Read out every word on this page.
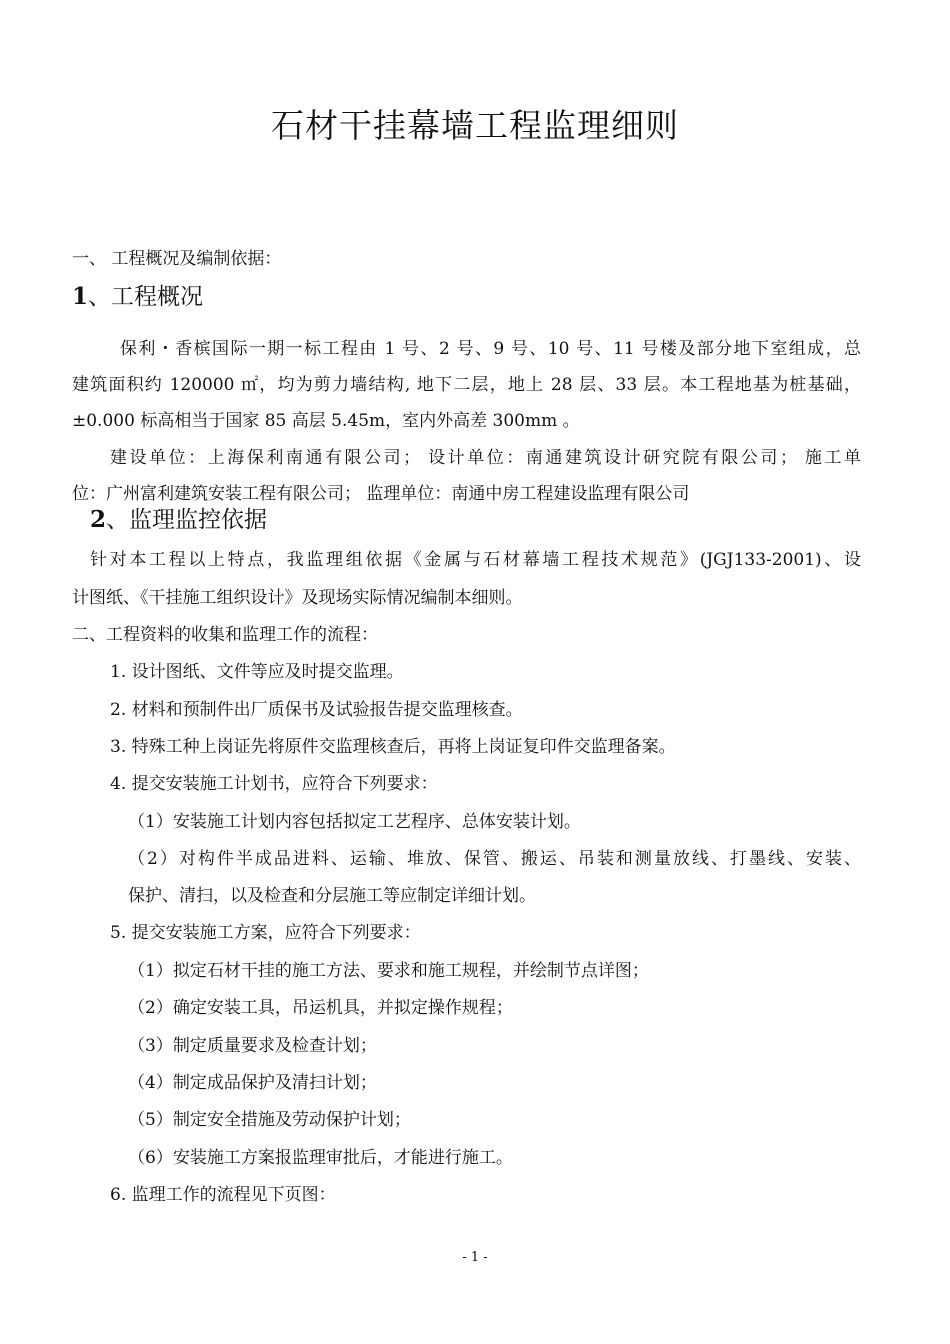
石材干挂幕墙工程监理细则
一、 工程概况及编制依据：
1、工程概况
保利・香槟国际一期一标工程由 1 号、2 号、9 号、10 号、11 号楼及部分地下室组成，总
建筑面积约 120000 ㎡，均为剪力墙结构, 地下二层，地上 28 层、33 层。本工程地基为桩基础，
±0.000 标高相当于国家 85 高层 5.45m，室内外高差 300mm 。
建设单位：上海保利南通有限公司； 设计单位：南通建筑设计研究院有限公司； 施工单
位：广州富利建筑安装工程有限公司； 监理单位：南通中房工程建设监理有限公司
2、监理监控依据
针对本工程以上特点，我监理组依据《金属与石材幕墙工程技术规范》(JGJ133-2001)、设
计图纸、《干挂施工组织设计》及现场实际情况编制本细则。
二、工程资料的收集和监理工作的流程：
1. 设计图纸、文件等应及时提交监理。
2. 材料和预制件出厂质保书及试验报告提交监理核查。
3. 特殊工种上岗证先将原件交监理核查后，再将上岗证复印件交监理备案。
4. 提交安装施工计划书，应符合下列要求：
（1）安装施工计划内容包括拟定工艺程序、总体安装计划。
（2）对构件半成品进料、运输、堆放、保管、搬运、吊装和测量放线、打墨线、安装、
保护、清扫，以及检查和分层施工等应制定详细计划。
5. 提交安装施工方案，应符合下列要求：
（1）拟定石材干挂的施工方法、要求和施工规程，并绘制节点详图；
（2）确定安装工具，吊运机具，并拟定操作规程；
（3）制定质量要求及检查计划；
（4）制定成品保护及清扫计划；
（5）制定安全措施及劳动保护计划；
（6）安装施工方案报监理审批后，才能进行施工。
6. 监理工作的流程见下页图：
- 1 -
